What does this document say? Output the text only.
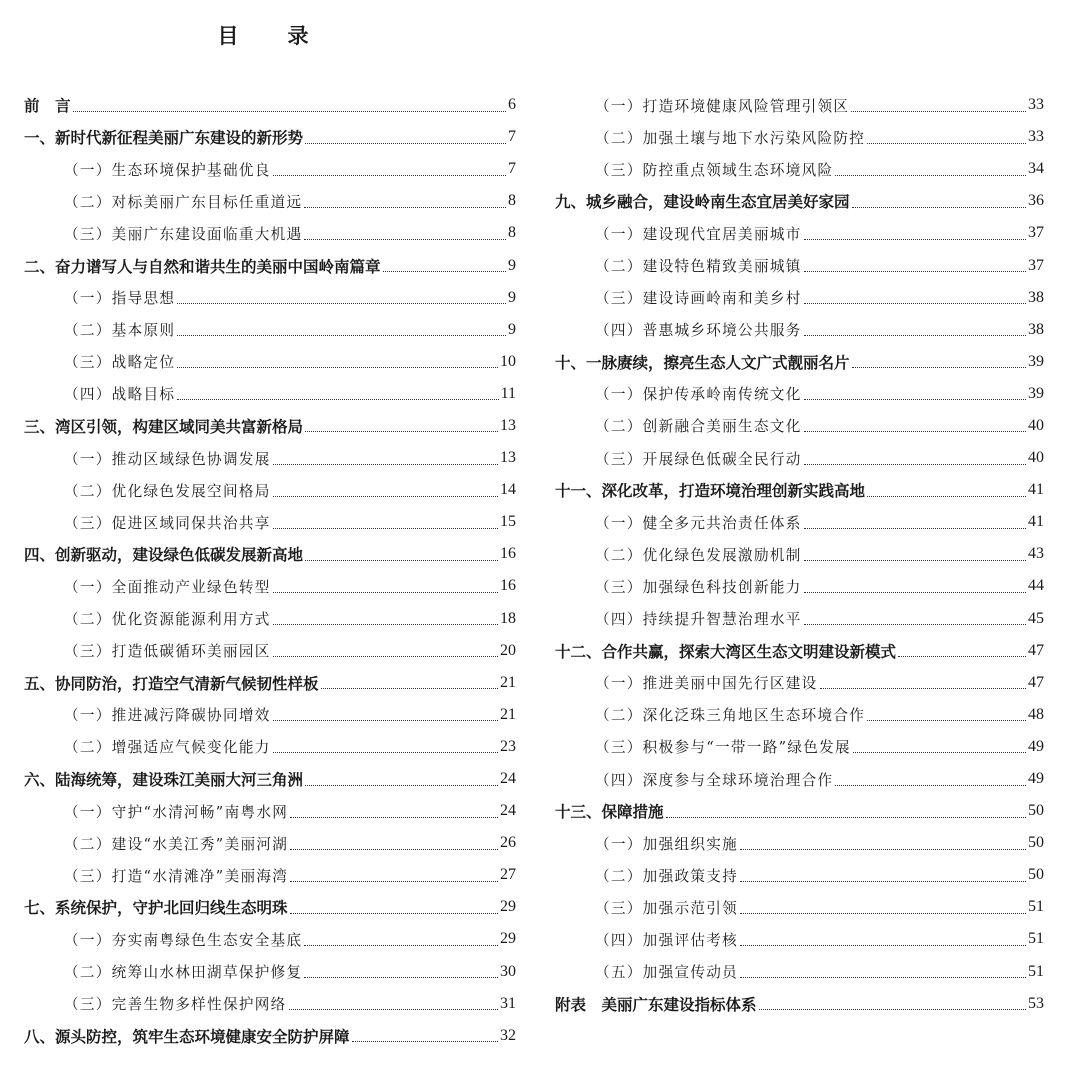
目　录
前　言	6
一、新时代新征程美丽广东建设的新形势	7
（一）生态环境保护基础优良	7
（二）对标美丽广东目标任重道远	8
（三）美丽广东建设面临重大机遇	8
二、奋力谱写人与自然和谐共生的美丽中国岭南篇章	9
（一）指导思想	9
（二）基本原则	9
（三）战略定位	10
（四）战略目标	11
三、湾区引领，构建区域同美共富新格局	13
（一）推动区域绿色协调发展	13
（二）优化绿色发展空间格局	14
（三）促进区域同保共治共享	15
四、创新驱动，建设绿色低碳发展新高地	16
（一）全面推动产业绿色转型	16
（二）优化资源能源利用方式	18
（三）打造低碳循环美丽园区	20
五、协同防治，打造空气清新气候韧性样板	21
（一）推进减污降碳协同增效	21
（二）增强适应气候变化能力	23
六、陆海统筹，建设珠江美丽大河三角洲	24
（一）守护“水清河畅”南粤水网	24
（二）建设“水美江秀”美丽河湖	26
（三）打造“水清滩净”美丽海湾	27
七、系统保护，守护北回归线生态明珠	29
（一）夯实南粤绿色生态安全基底	29
（二）统筹山水林田湖草保护修复	30
（三）完善生物多样性保护网络	31
八、源头防控，筑牢生态环境健康安全防护屏障	32
（一）打造环境健康风险管理引领区	33
（二）加强土壤与地下水污染风险防控	33
（三）防控重点领域生态环境风险	34
九、城乡融合，建设岭南生态宜居美好家园	36
（一）建设现代宜居美丽城市	37
（二）建设特色精致美丽城镇	37
（三）建设诗画岭南和美乡村	38
（四）普惠城乡环境公共服务	38
十、一脉赓续，擦亮生态人文广式靓丽名片	39
（一）保护传承岭南传统文化	39
（二）创新融合美丽生态文化	40
（三）开展绿色低碳全民行动	40
十一、深化改革，打造环境治理创新实践高地	41
（一）健全多元共治责任体系	41
（二）优化绿色发展激励机制	43
（三）加强绿色科技创新能力	44
（四）持续提升智慧治理水平	45
十二、合作共赢，探索大湾区生态文明建设新模式	47
（一）推进美丽中国先行区建设	47
（二）深化泛珠三角地区生态环境合作	48
（三）积极参与“一带一路”绿色发展	49
（四）深度参与全球环境治理合作	49
十三、保障措施	50
（一）加强组织实施	50
（二）加强政策支持	50
（三）加强示范引领	51
（四）加强评估考核	51
（五）加强宣传动员	51
附表　美丽广东建设指标体系	53
